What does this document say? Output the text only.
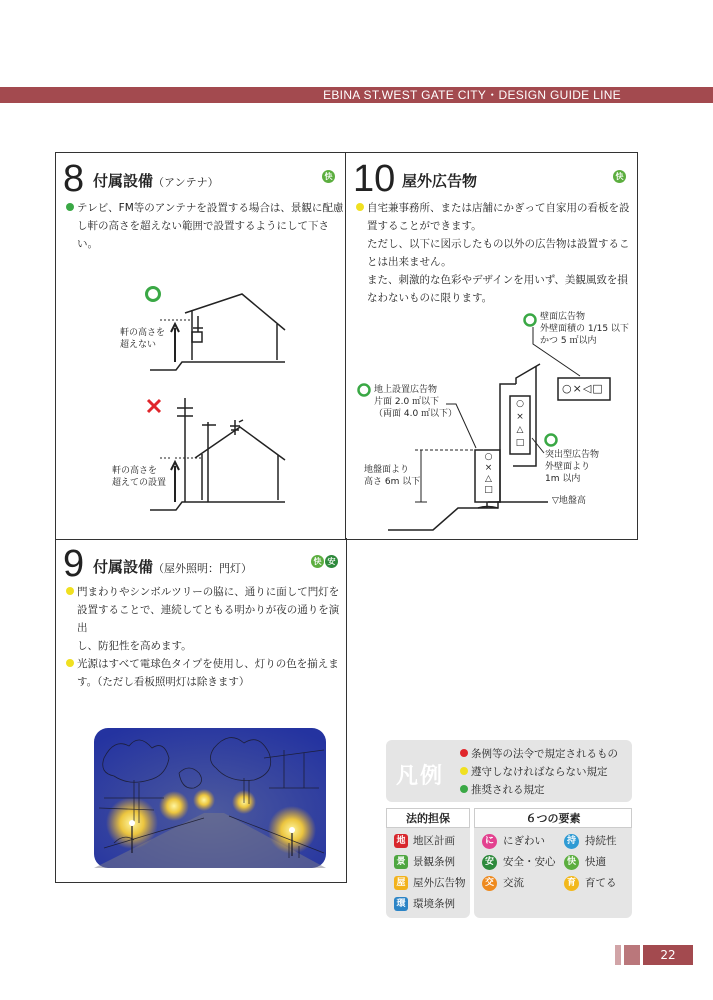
EBINA ST.WEST GATE CITY・DESIGN GUIDE LINE
8 付属設備（アンテナ）	快
テレビ、FM等のアンテナを設置する場合は、景観に配慮
し軒の高さを超えない範囲で設置するようにして下さ
い。
軒の高さを
超えない
軒の高さを
超えての設置
10 屋外広告物	快
自宅兼事務所、または店舗にかぎって自家用の看板を設
置することができます。
ただし、以下に図示したもの以外の広告物は設置するこ
とは出来ません。
また、刺激的な色彩やデザインを用いず、美観風致を損
なわないものに限ります。
○×◁□
○
×
△
□
○
×
△
□
壁面広告物
外壁面積の 1/15 以下
かつ 5 ㎡以内
地上設置広告物
片面 2.0 ㎡以下
（両面 4.0 ㎡以下）
突出型広告物
外壁面より
1m 以内
地盤面より
高さ 6m 以下
▽地盤高
9 付属設備（屋外照明：門灯）
快 安
門まわりやシンボルツリーの脇に、通りに面して門灯を
設置することで、連続してともる明かりが夜の通りを演出
し、防犯性を高めます。
光源はすべて電球色タイプを使用し、灯りの色を揃えま
す。（ただし看板照明灯は除きます）
凡例
条例等の法令で規定されるもの
遵守しなければならない規定
推奨される規定
法的担保	６つの要素
地 地区計画
景 景観条例
屋 屋外広告物
環 環境条例
に にぎわい	持 持続性
安 安全・安心	快 快適
交 交流	育 育てる
22
